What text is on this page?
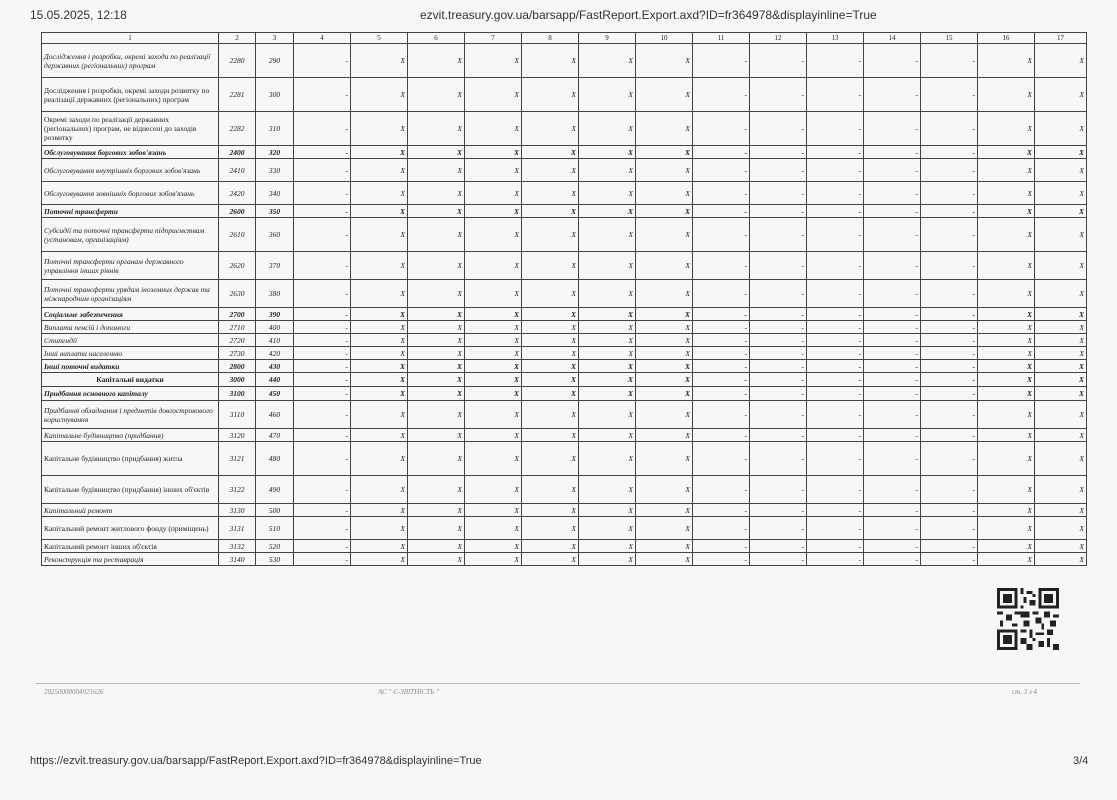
15.05.2025, 12:18	ezvit.treasury.gov.ua/barsapp/FastReport.Export.axd?ID=fr364978&displayinline=True
1	2	3	4	5	6	7	8	9	10	11	12	13	14	15	16	17
Дослідження і розробки, окремі заходи по реалізації державних (регіональних) програм	2280	290	-	X	X	X	X	X	X	-	-	-	-	-	X	X
Дослідження і розробки, окремі заходи розвитку по реалізації державних (регіональних) програм	2281	300	-	X	X	X	X	X	X	-	-	-	-	-	X	X
Окремі заходи по реалізації державних (регіональних) програм, не віднесені до заходів розвитку	2282	310	-	X	X	X	X	X	X	-	-	-	-	-	X	X
Обслуговування боргових зобов'язань	2400	320	-	X	X	X	X	X	X	-	-	-	-	-	X	X
Обслуговування внутрішніх боргових зобов'язань	2410	330	-	X	X	X	X	X	X	-	-	-	-	-	X	X
Обслуговування зовнішніх боргових зобов'язань	2420	340	-	X	X	X	X	X	X	-	-	-	-	-	X	X
Поточні трансферти	2600	350	-	X	X	X	X	X	X	-	-	-	-	-	X	X
Субсидії та поточні трансферти підприємствам (установам, організаціям)	2610	360	-	X	X	X	X	X	X	-	-	-	-	-	X	X
Поточні трансферти органам державного управління інших рівнів	2620	370	-	X	X	X	X	X	X	-	-	-	-	-	X	X
Поточні трансферти урядам іноземних держав та міжнародним організаціям	2630	380	-	X	X	X	X	X	X	-	-	-	-	-	X	X
Соціальне забезпечення	2700	390	-	X	X	X	X	X	X	-	-	-	-	-	X	X
Виплата пенсій і допомоги	2710	400	-	X	X	X	X	X	X	-	-	-	-	-	X	X
Стипендії	2720	410	-	X	X	X	X	X	X	-	-	-	-	-	X	X
Інші виплати населенню	2730	420	-	X	X	X	X	X	X	-	-	-	-	-	X	X
Інші поточні видатки	2800	430	-	X	X	X	X	X	X	-	-	-	-	-	X	X
Капітальні видатки	3000	440	-	X	X	X	X	X	X	-	-	-	-	-	X	X
Придбання основного капіталу	3100	450	-	X	X	X	X	X	X	-	-	-	-	-	X	X
Придбання обладнання і предметів довгострокового користування	3110	460	-	X	X	X	X	X	X	-	-	-	-	-	X	X
Капітальне будівництво (придбання)	3120	470	-	X	X	X	X	X	X	-	-	-	-	-	X	X
Капітальне будівництво (придбання) житла	3121	480	-	X	X	X	X	X	X	-	-	-	-	-	X	X
Капітальне будівництво (придбання) інших об'єктів	3122	490	-	X	X	X	X	X	X	-	-	-	-	-	X	X
Капітальний ремонт	3130	500	-	X	X	X	X	X	X	-	-	-	-	-	X	X
Капітальний ремонт житлового фонду (приміщень)	3131	510	-	X	X	X	X	X	X	-	-	-	-	-	X	X
Капітальний ремонт інших об'єктів	3132	520	-	X	X	X	X	X	X	-	-	-	-	-	X	X
Реконструкція та реставрація	3140	530	-	X	X	X	X	X	X	-	-	-	-	-	X	X
20250000004921626	АС " Є-ЗВІТНІСТЬ "	ст. 3 з 4
https://ezvit.treasury.gov.ua/barsapp/FastReport.Export.axd?ID=fr364978&displayinline=True	3/4
